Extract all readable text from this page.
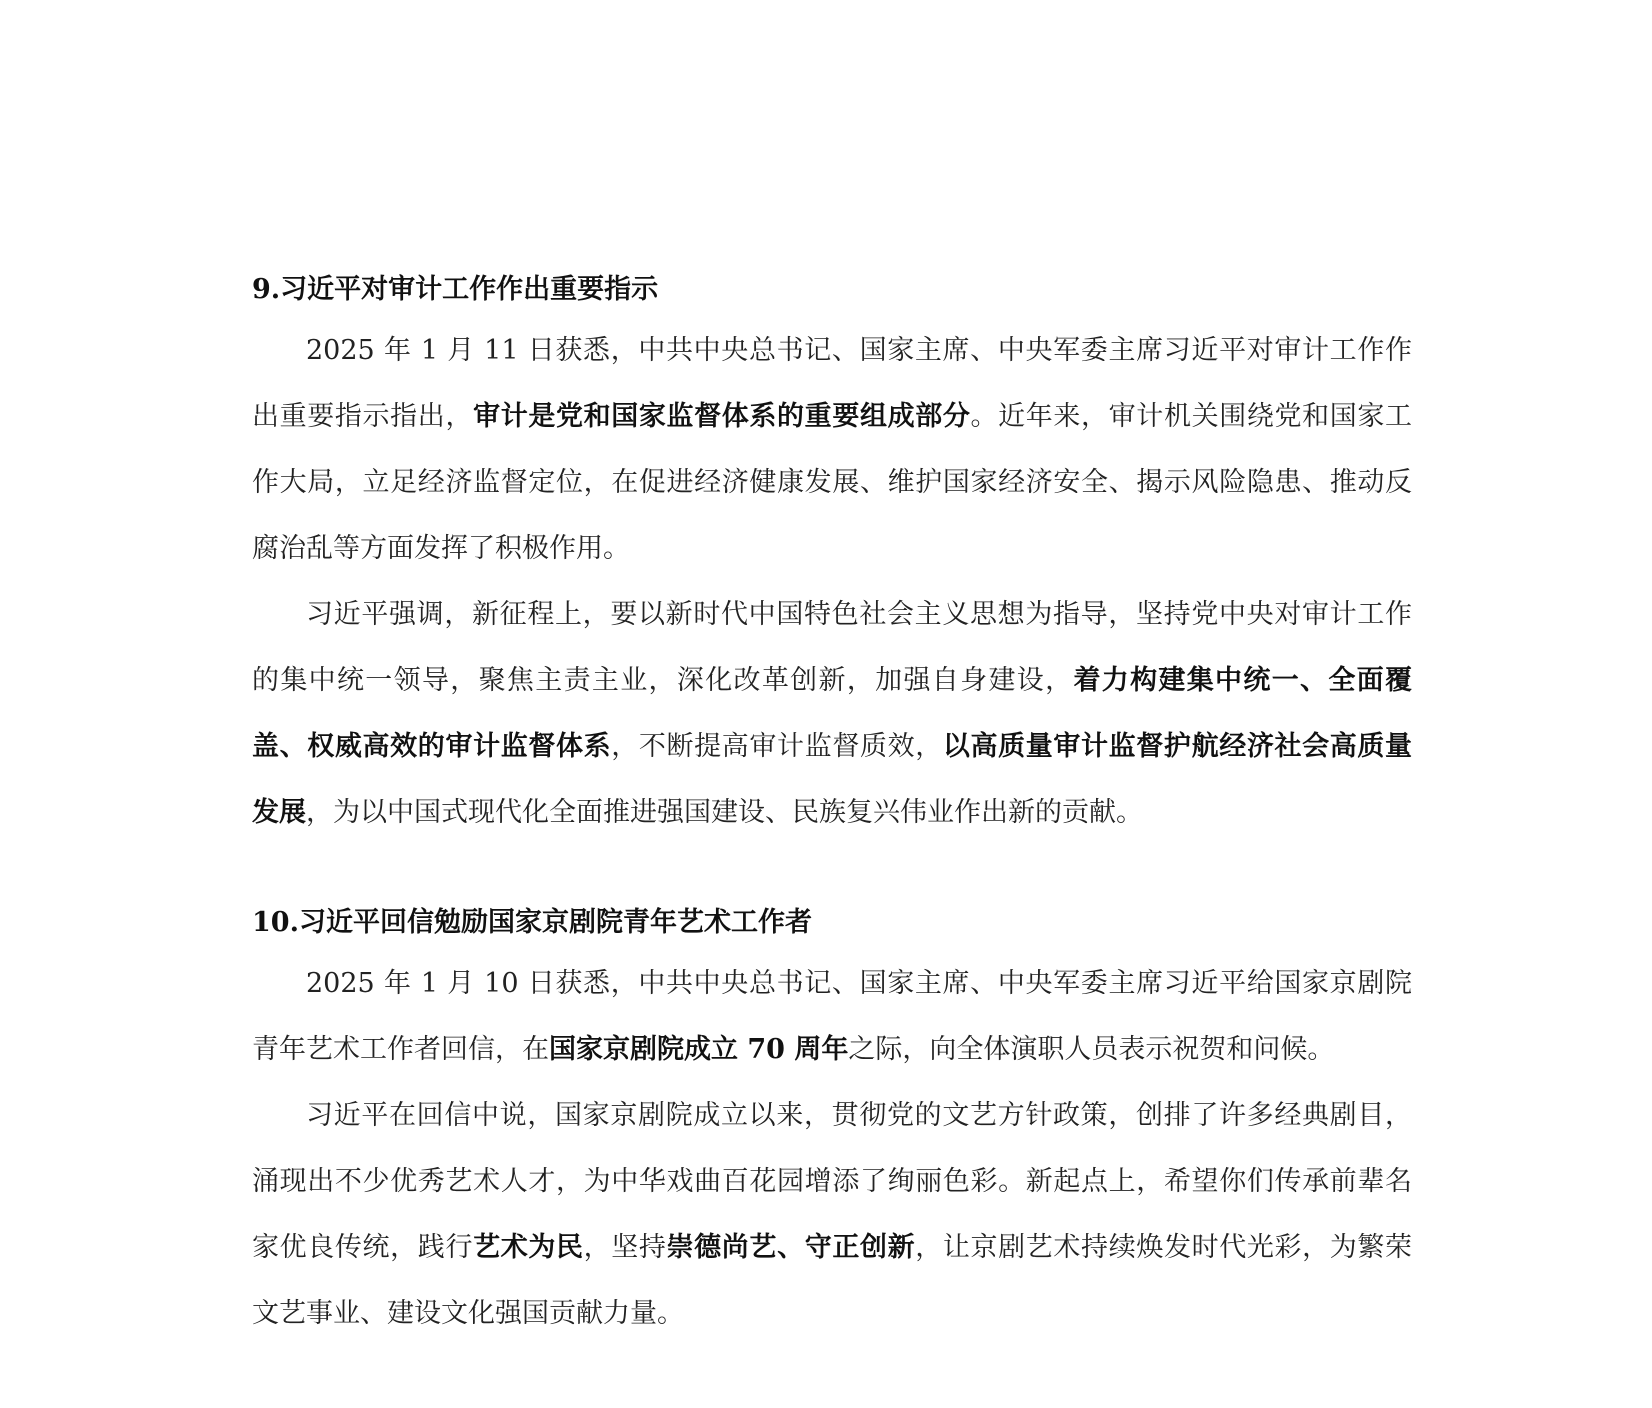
9.习近平对审计工作作出重要指示

2025 年 1 月 11 日获悉，中共中央总书记、国家主席、中央军委主席习近平对审计工作作出重要指示指出，审计是党和国家监督体系的重要组成部分。近年来，审计机关围绕党和国家工作大局，立足经济监督定位，在促进经济健康发展、维护国家经济安全、揭示风险隐患、推动反腐治乱等方面发挥了积极作用。

习近平强调，新征程上，要以新时代中国特色社会主义思想为指导，坚持党中央对审计工作的集中统一领导，聚焦主责主业，深化改革创新，加强自身建设，着力构建集中统一、全面覆盖、权威高效的审计监督体系，不断提高审计监督质效，以高质量审计监督护航经济社会高质量发展，为以中国式现代化全面推进强国建设、民族复兴伟业作出新的贡献。

10.习近平回信勉励国家京剧院青年艺术工作者

2025 年 1 月 10 日获悉，中共中央总书记、国家主席、中央军委主席习近平给国家京剧院青年艺术工作者回信，在国家京剧院成立 70 周年之际，向全体演职人员表示祝贺和问候。

习近平在回信中说，国家京剧院成立以来，贯彻党的文艺方针政策，创排了许多经典剧目，涌现出不少优秀艺术人才，为中华戏曲百花园增添了绚丽色彩。新起点上，希望你们传承前辈名家优良传统，践行艺术为民，坚持崇德尚艺、守正创新，让京剧艺术持续焕发时代光彩，为繁荣文艺事业、建设文化强国贡献力量。
